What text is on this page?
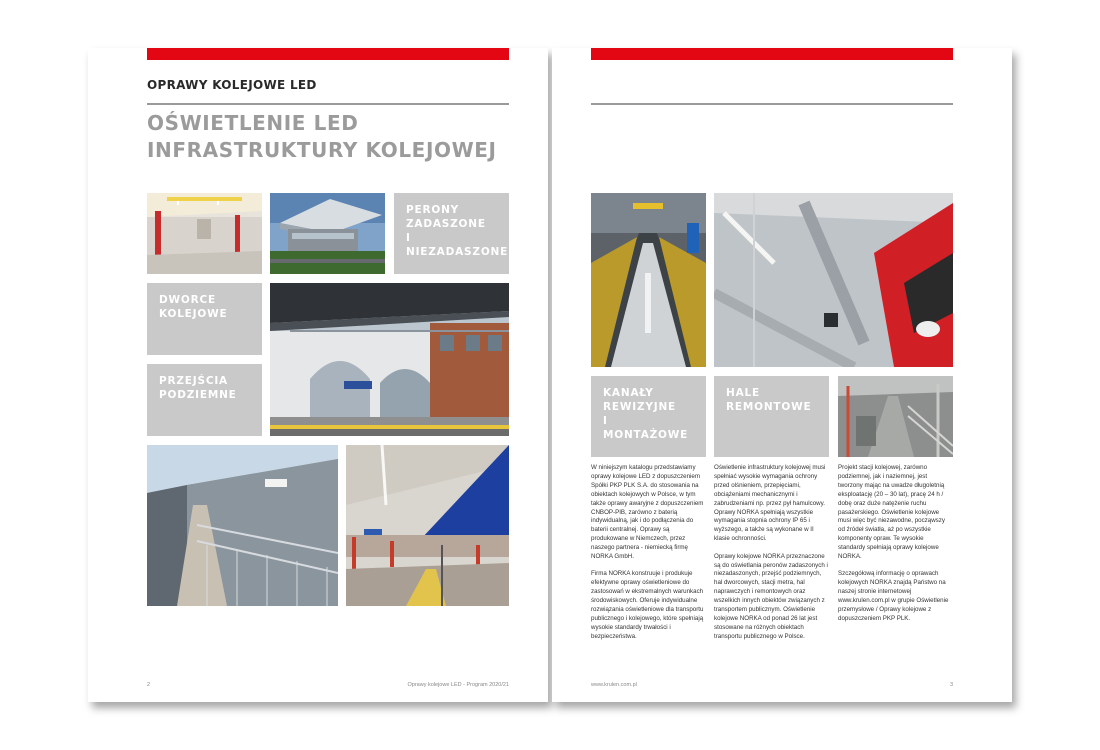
OPRAWY KOLEJOWE LED
OŚWIETLENIE LED
INFRASTRUKTURY KOLEJOWEJ
PERONY
ZADASZONE
I NIEZADASZONE
DWORCE
KOLEJOWE
PRZEJŚCIA
PODZIEMNE
2	Oprawy kolejowe LED - Program 2020/21
KANAŁY
REWIZYJNE
I MONTAŻOWE
HALE
REMONTOWE

W niniejszym katalogu przedstawiamy oprawy kolejowe LED z dopuszczeniem Spółki PKP PLK S.A. do stosowania na obiektach kolejowych w Polsce, w tym także oprawy awaryjne z dopuszczeniem CNBOP-PIB, zarówno z baterią indywidualną, jak i do podłączenia do baterii centralnej. Oprawy są produkowane w Niemczech, przez naszego partnera - niemiecką firmę NORKA GmbH.

Firma NORKA konstruuje i produkuje efektywne oprawy oświetleniowe do zastosowań w ekstremalnych warunkach środowiskowych. Oferuje indywidualne rozwiązania oświetleniowe dla transportu publicznego i kolejowego, które spełniają wysokie standardy trwałości i bezpieczeństwa.

Oświetlenie infrastruktury kolejowej musi spełniać wysokie wymagania ochrony przed olśnieniem, przepięciami, obciążeniami mechanicznymi i zabrudzeniami np. przez pył hamulcowy. Oprawy NORKA spełniają wszystkie wymagania stopnia ochrony IP 65 i wyższego, a także są wykonane w II klasie ochronności.

Oprawy kolejowe NORKA przeznaczone są do oświetlania peronów zadaszonych i niezadaszonych, przejść podziemnych, hal dworcowych, stacji metra, hal naprawczych i remontowych oraz wszelkich innych obiektów związanych z transportem publicznym. Oświetlenie kolejowe NORKA od ponad 26 lat jest stosowane na różnych obiektach transportu publicznego w Polsce.

Projekt stacji kolejowej, zarówno podziemnej, jak i naziemnej, jest tworzony mając na uwadze długoletnią eksploatację (20 – 30 lat), pracę 24 h / dobę oraz duże natężenie ruchu pasażerskiego. Oświetlenie kolejowe musi więc być niezawodne, począwszy od źródeł światła, aż po wszystkie komponenty opraw. Te wysokie standardy spełniają oprawy kolejowe NORKA.

Szczegółową informację o oprawach kolejowych NORKA znajdą Państwo na naszej stronie internetowej www.krulen.com.pl w grupie Oświetlenie przemysłowe / Oprawy kolejowe z dopuszczeniem PKP PLK.

www.krulen.com.pl	3
